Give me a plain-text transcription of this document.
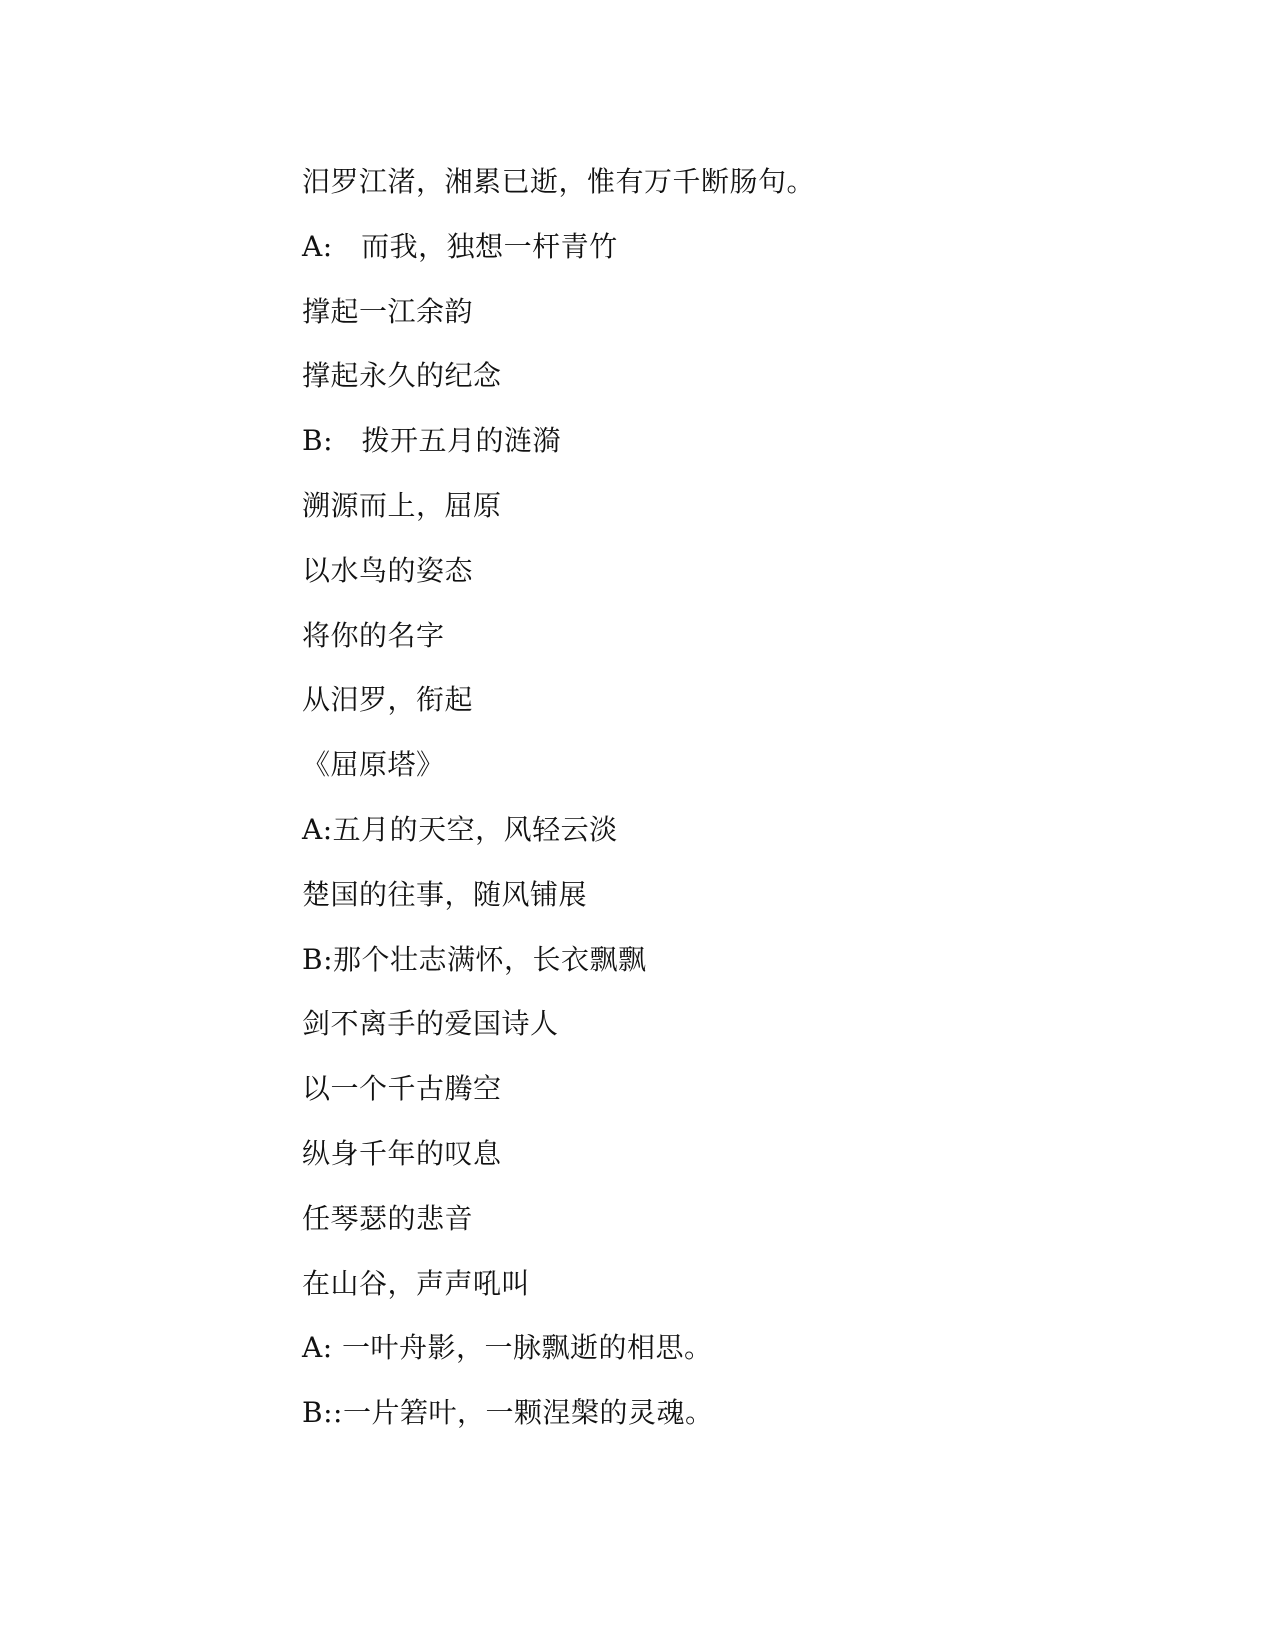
汨罗江渚，湘累已逝，惟有万千断肠句。
A:　而我，独想一杆青竹
撑起一江余韵
撑起永久的纪念
B:　拨开五月的涟漪
溯源而上，屈原
以水鸟的姿态
将你的名字
从汨罗，衔起
《屈原塔》
A:五月的天空，风轻云淡
楚国的往事，随风铺展
B:那个壮志满怀，长衣飘飘
剑不离手的爱国诗人
以一个千古腾空
纵身千年的叹息
任琴瑟的悲音
在山谷，声声吼叫
A: 一叶舟影，一脉飘逝的相思。
B::一片箬叶，一颗涅槃的灵魂。
